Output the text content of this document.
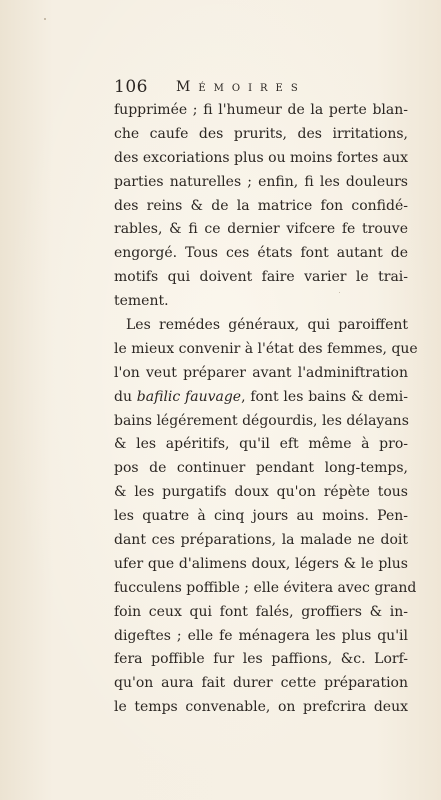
106 Mémoires
fupprimée ; fi l'humeur de la perte blan-
che caufe des prurits, des irritations,
des excoriations plus ou moins fortes aux
parties naturelles ; enfin, fi les douleurs
des reins & de la matrice fon confidé-
rables, & fi ce dernier vifcere fe trouve
engorgé. Tous ces états font autant de
motifs qui doivent faire varier le trai-
tement.
Les remédes généraux, qui paroiffent
le mieux convenir à l'état des femmes, que
l'on veut préparer avant l'adminiftration
du bafilic fauvage, font les bains & demi-
bains légérement dégourdis, les délayans
& les apéritifs, qu'il eft même à pro-
pos de continuer pendant long-temps,
& les purgatifs doux qu'on répète tous
les quatre à cinq jours au moins. Pen-
dant ces préparations, la malade ne doit
ufer que d'alimens doux, légers & le plus
fucculens poffible ; elle évitera avec grand
foin ceux qui font falés, groffiers & in-
digeftes ; elle fe ménagera les plus qu'il
fera poffible fur les paffions, &c. Lorf-
qu'on aura fait durer cette préparation
le temps convenable, on prefcrira deux
